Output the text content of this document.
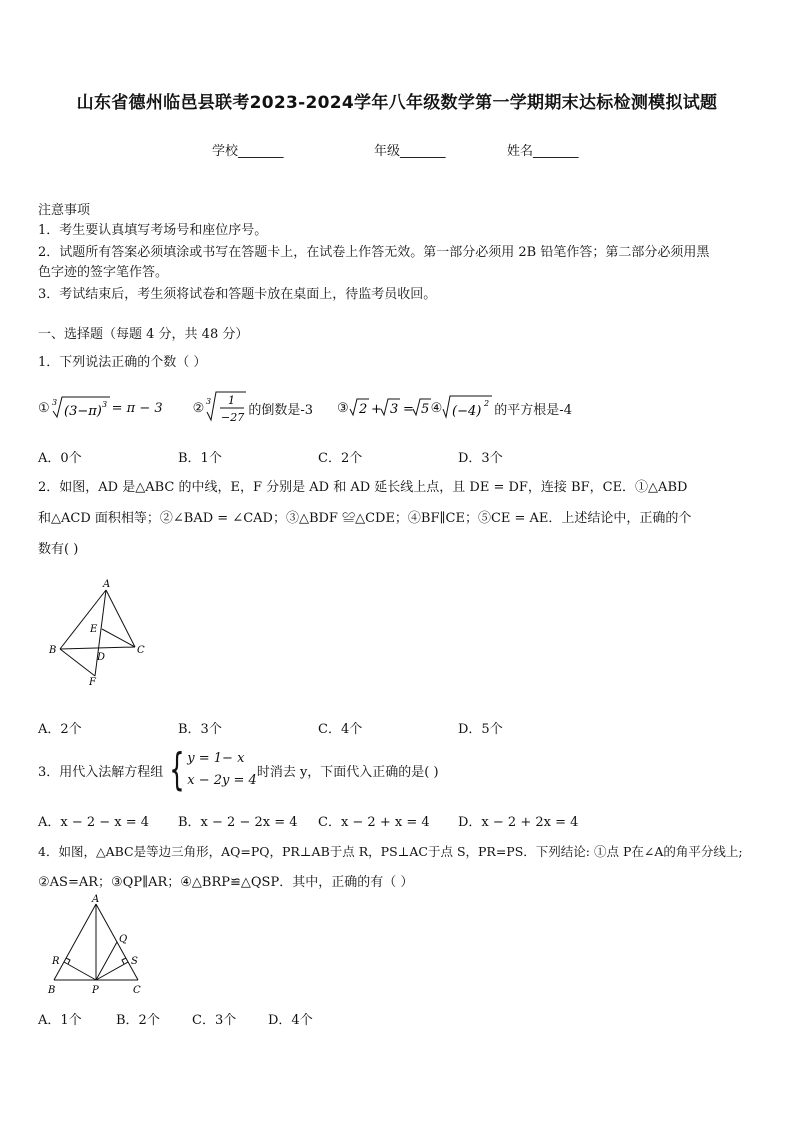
山东省德州临邑县联考2023-2024学年八年级数学第一学期期末达标检测模拟试题
学校_______	年级_______	姓名_______
注意事项
1．考生要认真填写考场号和座位序号。
2．试题所有答案必须填涂或书写在答题卡上，在试卷上作答无效。第一部分必须用 2B 铅笔作答；第二部分必须用黑
色字迹的签字笔作答。
3．考试结束后，考生须将试卷和答题卡放在桌面上，待监考员收回。
一、选择题（每题 4 分，共 48 分）
1．下列说法正确的个数（ ）
① 3
(3−π) 3 = π − 3 ② 3 1
−27 的倒数是-3 ③ 2 + 3 = 5 ④ (−4)
2 的平方根是-4
A．0个	B．1个	C．2个	D．3个
2．如图，AD 是△ABC 的中线，E，F 分别是 AD 和 AD 延长线上点，且 DE = DF，连接 BF，CE．①△ABD
和△ACD 面积相等；②∠BAD = ∠CAD；③△BDF ≌△CDE；④BF∥CE；⑤CE = AE．上述结论中，正确的个
数有( )
A
B	C
D
E
F
A．2个	B．3个	C．4个	D．5个
3．用代入法解方程组 { y = 1− x
x − 2y = 4
时消去 y，下面代入正确的是( )
A．x − 2 − x = 4	B．x − 2 − 2x = 4	C．x − 2 + x = 4	D．x − 2 + 2x = 4
4．如图，△ABC是等边三角形，AQ=PQ，PR⊥AB于点 R，PS⊥AC于点 S，PR=PS．下列结论: ①点 P在∠A的角平分线上;
②AS=AR；③QP∥AR；④△BRP≌△QSP．其中，正确的有（ ）
A
B	C
P
Q
R	S
A．1个	B．2个	C．3个	D．4个
